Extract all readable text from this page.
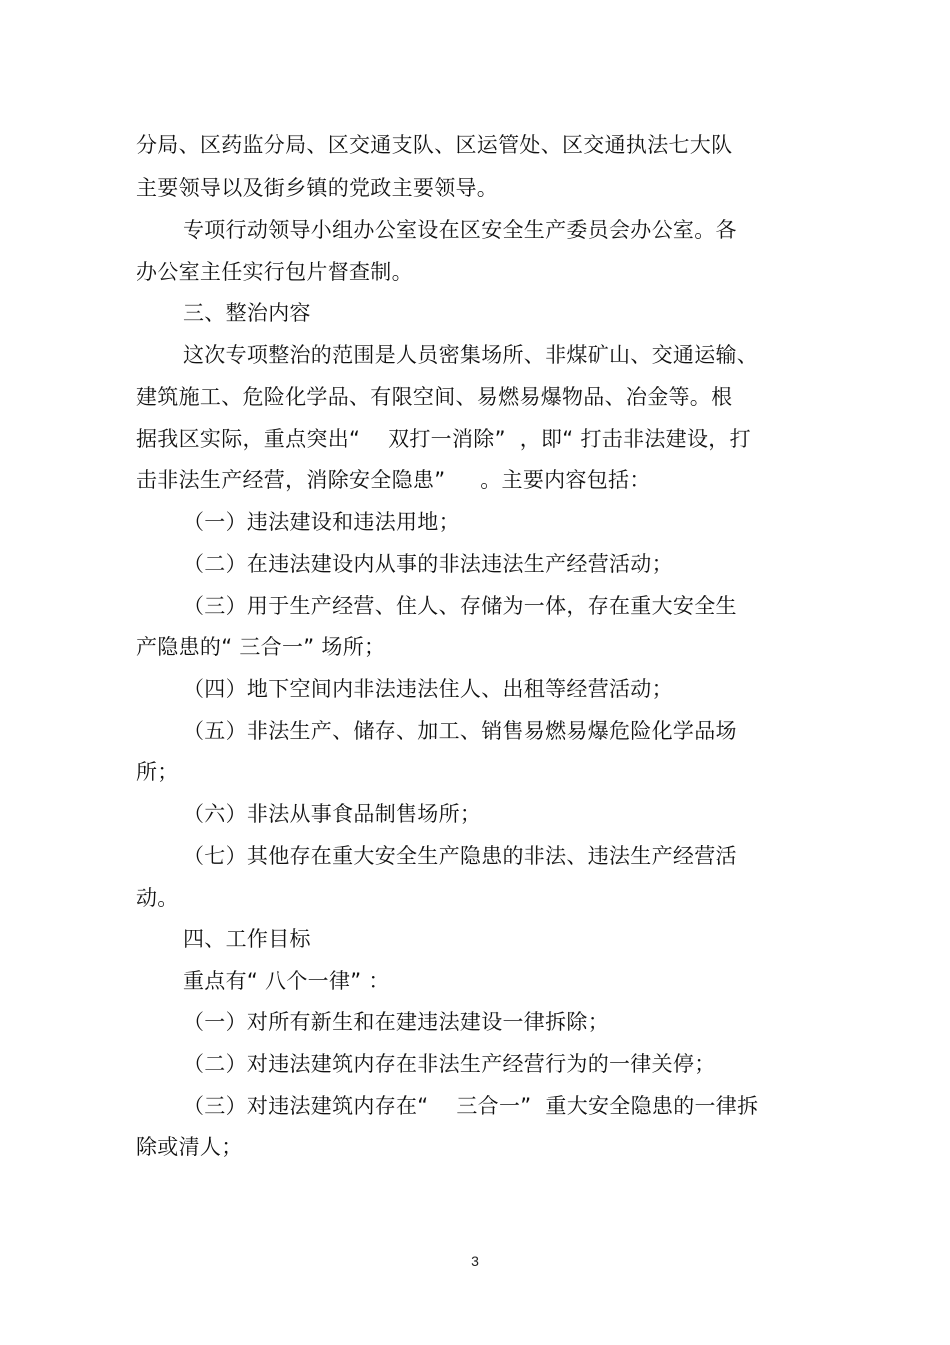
分局、区药监分局、区交通支队、区运管处、区交通执法七大队
主要领导以及街乡镇的党政主要领导。
专项行动领导小组办公室设在区安全生产委员会办公室。各
办公室主任实行包片督查制。
三、整治内容
这次专项整治的范围是人员密集场所、非煤矿山、交通运输、
建筑施工、危险化学品、有限空间、易燃易爆物品、冶金等。根
据我区实际，重点突出“    双打一消除”  ，即“ 打击非法建设，打
击非法生产经营，消除安全隐患”     。主要内容包括：
（一）违法建设和违法用地；
（二）在违法建设内从事的非法违法生产经营活动；
（三）用于生产经营、住人、存储为一体，存在重大安全生
产隐患的“ 三合一” 场所；
（四）地下空间内非法违法住人、出租等经营活动；
（五）非法生产、储存、加工、销售易燃易爆危险化学品场
所；
（六）非法从事食品制售场所；
（七）其他存在重大安全生产隐患的非法、违法生产经营活
动。
四、工作目标
重点有“ 八个一律” ：
（一）对所有新生和在建违法建设一律拆除；
（二）对违法建筑内存在非法生产经营行为的一律关停；
（三）对违法建筑内存在“    三合一”  重大安全隐患的一律拆
除或清人；
3
